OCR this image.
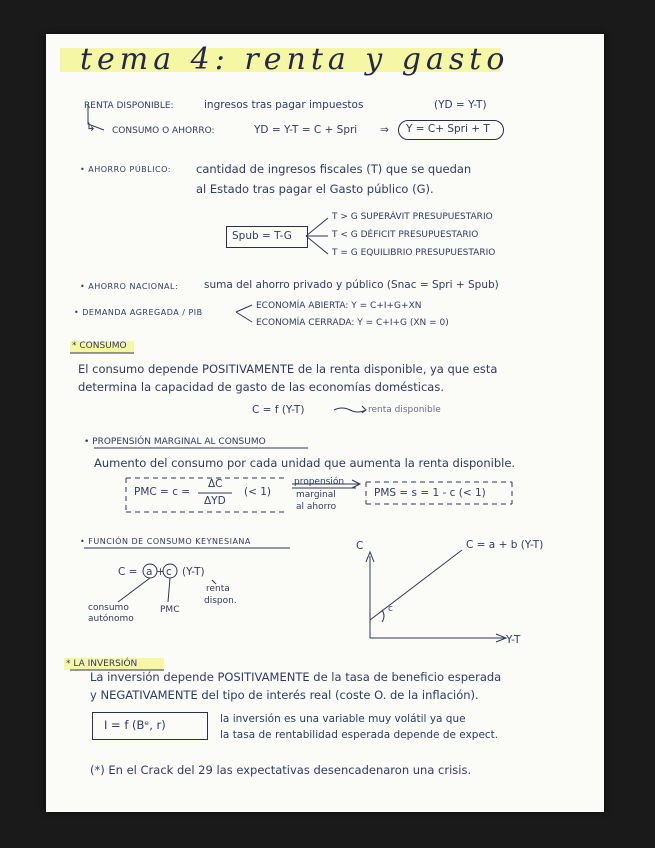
tema 4: renta y gasto
RENTA DISPONIBLE:	ingresos tras pagar impuestos	(YD = Y-T)
↳ CONSUMO O AHORRO:	YD = Y-T = C + Spri ⇒ Y = C+ Spri + T
• AHORRO PÚBLICO: cantidad de ingresos fiscales (T) que se quedan
al Estado tras pagar el Gasto público (G).
Spub = T-G
T > G SUPERÁVIT PRESUPUESTARIO
T < G DÉFICIT PRESUPUESTARIO
T = G EQUILIBRIO PRESUPUESTARIO
• AHORRO NACIONAL: suma del ahorro privado y público (Snac = Spri + Spub)
• DEMANDA AGREGADA / PIB
ECONOMÍA ABIERTA: Y = C+I+G+XN
ECONOMÍA CERRADA: Y = C+I+G (XN = 0)
* CONSUMO
El consumo depende POSITIVAMENTE de la renta disponible, ya que esta
determina la capacidad de gasto de las economías domésticas.
C = f (Y-T)	renta disponible
• PROPENSIÓN MARGINAL AL CONSUMO
Aumento del consumo por cada unidad que aumenta la renta disponible.
PMC = c =
ΔC
ΔYD
(< 1)
propensión
marginal
al ahorro
PMS = s = 1 - c (< 1)
• FUNCIÓN DE CONSUMO KEYNESIANA
C = a + c (Y-T)
renta
dispon.
consumo
autónomo
PMC
C
Y-T
C = a + b (Y-T)
c
* LA INVERSIÓN
La inversión depende POSITIVAMENTE de la tasa de beneficio esperada
y NEGATIVAMENTE del tipo de interés real (coste O. de la inflación).
I = f (Bᵉ, r)	la inversión es una variable muy volátil ya que
la tasa de rentabilidad esperada depende de expect.
(*) En el Crack del 29 las expectativas desencadenaron una crisis.
